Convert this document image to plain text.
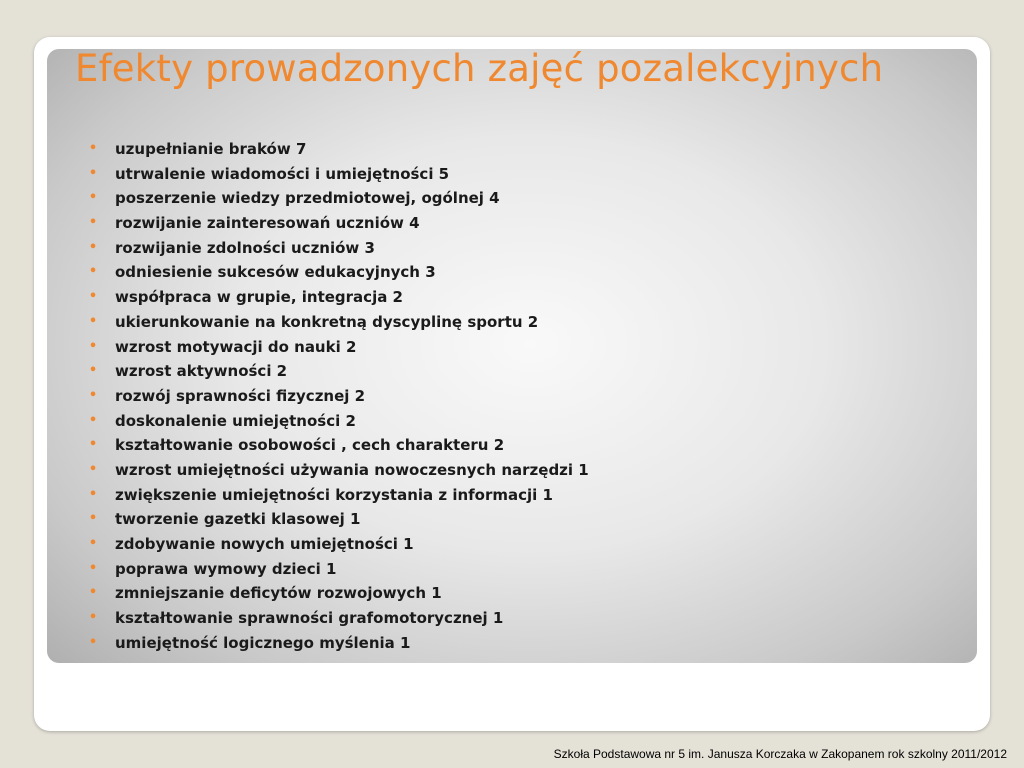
Efekty prowadzonych zajęć pozalekcyjnych
• uzupełnianie braków 7
• utrwalenie wiadomości i umiejętności 5
• poszerzenie wiedzy przedmiotowej, ogólnej 4
• rozwijanie zainteresowań uczniów 4
• rozwijanie zdolności uczniów 3
• odniesienie sukcesów edukacyjnych 3
• współpraca w grupie, integracja 2
• ukierunkowanie na konkretną dyscyplinę sportu 2
• wzrost motywacji do nauki 2
• wzrost aktywności 2
• rozwój sprawności fizycznej 2
• doskonalenie umiejętności 2
• kształtowanie osobowości , cech charakteru 2
• wzrost umiejętności używania nowoczesnych narzędzi 1
• zwiększenie umiejętności korzystania z informacji 1
• tworzenie gazetki klasowej 1
• zdobywanie nowych umiejętności 1
• poprawa wymowy dzieci 1
• zmniejszanie deficytów rozwojowych 1
• kształtowanie sprawności grafomotorycznej 1
• umiejętność logicznego myślenia 1

Szkoła Podstawowa nr 5 im. Janusza Korczaka w Zakopanem rok szkolny 2011/2012
